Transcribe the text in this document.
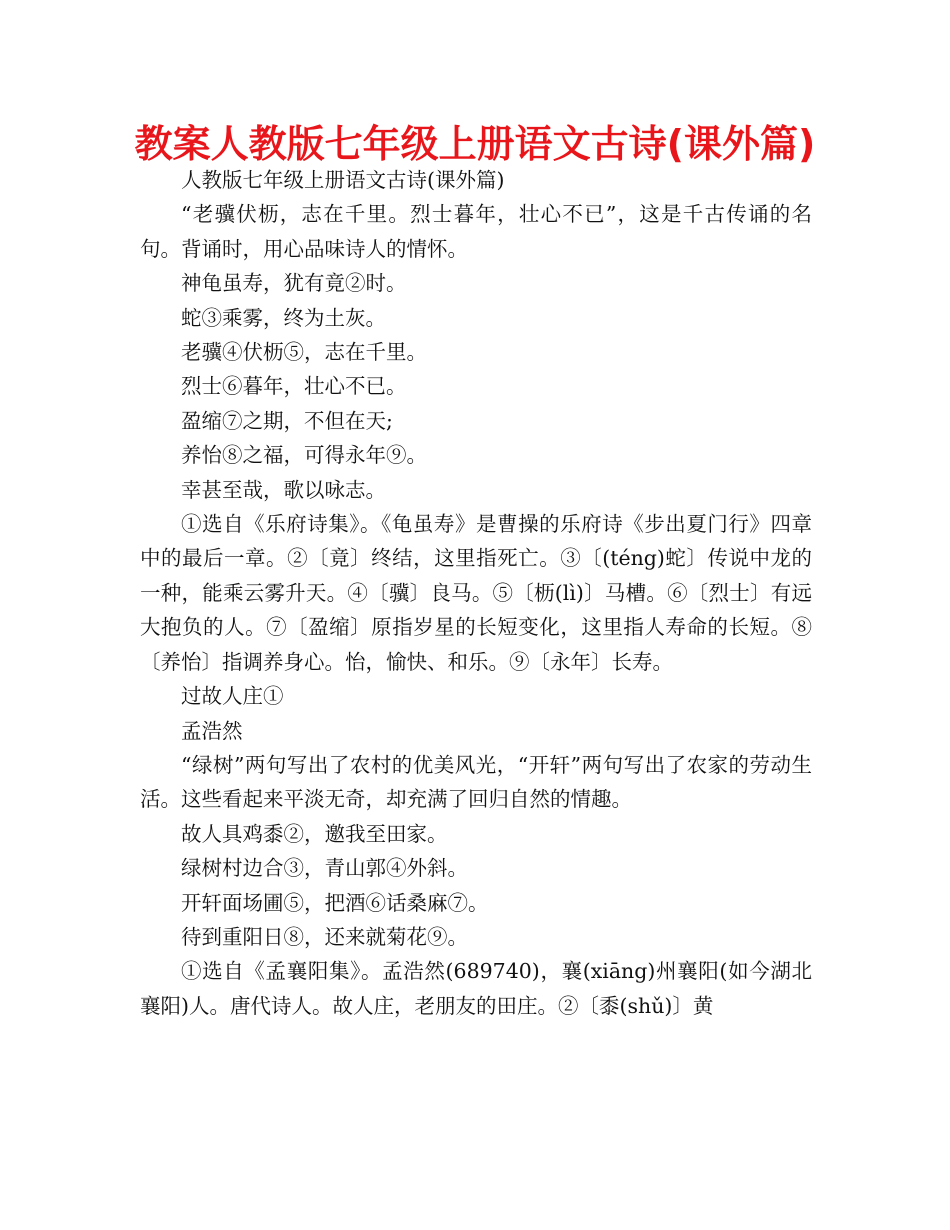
教案人教版七年级上册语文古诗(课外篇)

人教版七年级上册语文古诗(课外篇)

“老骥伏枥，志在千里。烈士暮年，壮心不已”，这是千古传诵的名句。背诵时，用心品味诗人的情怀。

神龟虽寿，犹有竟②时。

蛇③乘雾，终为土灰。

老骥④伏枥⑤，志在千里。

烈士⑥暮年，壮心不已。

盈缩⑦之期，不但在天;

养怡⑧之福，可得永年⑨。

幸甚至哉，歌以咏志。

①选自《乐府诗集》。《龟虽寿》是曹操的乐府诗《步出夏门行》四章中的最后一章。②〔竟〕终结，这里指死亡。③〔(téng)蛇〕传说中龙的一种，能乘云雾升天。④〔骥〕良马。⑤〔枥(lì)〕马槽。⑥〔烈士〕有远大抱负的人。⑦〔盈缩〕原指岁星的长短变化，这里指人寿命的长短。⑧〔养怡〕指调养身心。怡，愉快、和乐。⑨〔永年〕长寿。

过故人庄①

孟浩然

“绿树”两句写出了农村的优美风光，“开轩”两句写出了农家的劳动生活。这些看起来平淡无奇，却充满了回归自然的情趣。

故人具鸡黍②，邀我至田家。

绿树村边合③，青山郭④外斜。

开轩面场圃⑤，把酒⑥话桑麻⑦。

待到重阳日⑧，还来就菊花⑨。

①选自《孟襄阳集》。孟浩然(689740)，襄(xiāng)州襄阳(如今湖北襄阳)人。唐代诗人。故人庄，老朋友的田庄。②〔黍(shǔ)〕黄
